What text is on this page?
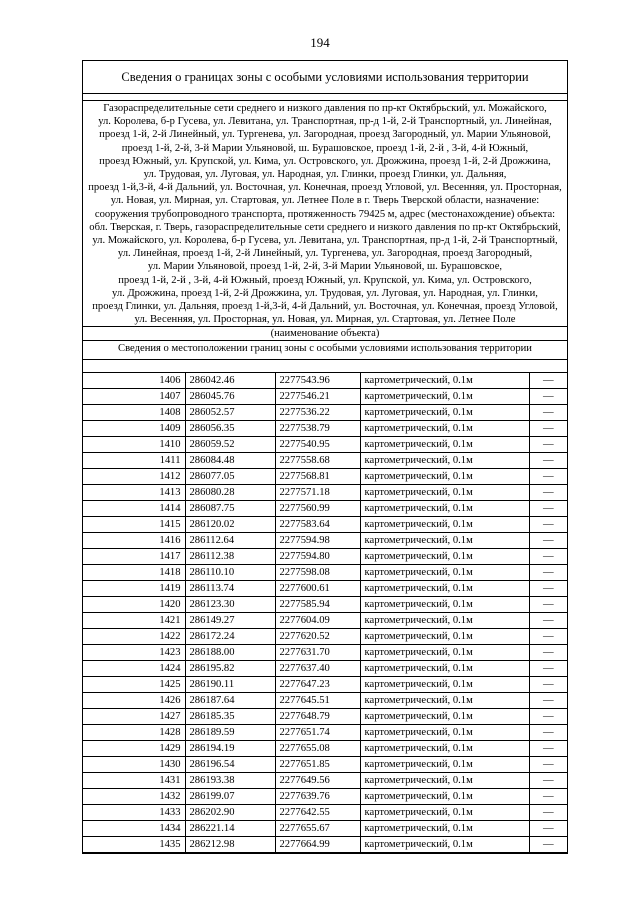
194
Сведения о границах зоны с особыми условиями использования территории
Газораспределительные сети среднего и низкого давления по пр-кт Октябрьский, ул. Можайского,
ул. Королева, б-р Гусева, ул. Левитана, ул. Транспортная, пр-д 1-й, 2-й Транспортный, ул. Линейная,
проезд 1-й, 2-й Линейный, ул. Тургенева, ул. Загородная, проезд Загородный, ул. Марии Ульяновой,
проезд 1-й, 2-й, 3-й Марии Ульяновой, ш. Бурашовское, проезд 1-й, 2-й , 3-й, 4-й Южный,
проезд Южный, ул. Крупской, ул. Кима, ул. Островского, ул. Дрожжина, проезд 1-й, 2-й Дрожжина,
ул. Трудовая, ул. Луговая, ул. Народная, ул. Глинки, проезд Глинки, ул. Дальняя,
проезд 1-й,3-й, 4-й Дальний, ул. Восточная, ул. Конечная, проезд Угловой, ул. Весенняя, ул. Просторная,
ул. Новая, ул. Мирная, ул. Стартовая, ул. Летнее Поле в г. Тверь Тверской области, назначение:
сооружения трубопроводного транспорта, протяженность 79425 м, адрес (местонахождение) объекта:
обл. Тверская, г. Тверь, газораспределительные сети среднего и низкого давления по пр-кт Октябрьский,
ул. Можайского, ул. Королева, б-р Гусева, ул. Левитана, ул. Транспортная, пр-д 1-й, 2-й Транспортный,
ул. Линейная, проезд 1-й, 2-й Линейный, ул. Тургенева, ул. Загородная, проезд Загородный,
ул. Марии Ульяновой, проезд 1-й, 2-й, 3-й Марии Ульяновой, ш. Бурашовское,
проезд 1-й, 2-й , 3-й, 4-й Южный, проезд Южный, ул. Крупской, ул. Кима, ул. Островского,
ул. Дрожжина, проезд 1-й, 2-й Дрожжина, ул. Трудовая, ул. Луговая, ул. Народная, ул. Глинки,
проезд Глинки, ул. Дальняя, проезд 1-й,3-й, 4-й Дальний, ул. Восточная, ул. Конечная, проезд Угловой,
ул. Весенняя, ул. Просторная, ул. Новая, ул. Мирная, ул. Стартовая, ул. Летнее Поле
(наименование объекта)
Сведения о местоположении границ зоны с особыми условиями использования территории
1406	286042.46	2277543.96	картометрический, 0.1м	—
1407	286045.76	2277546.21	картометрический, 0.1м	—
1408	286052.57	2277536.22	картометрический, 0.1м	—
1409	286056.35	2277538.79	картометрический, 0.1м	—
1410	286059.52	2277540.95	картометрический, 0.1м	—
1411	286084.48	2277558.68	картометрический, 0.1м	—
1412	286077.05	2277568.81	картометрический, 0.1м	—
1413	286080.28	2277571.18	картометрический, 0.1м	—
1414	286087.75	2277560.99	картометрический, 0.1м	—
1415	286120.02	2277583.64	картометрический, 0.1м	—
1416	286112.64	2277594.98	картометрический, 0.1м	—
1417	286112.38	2277594.80	картометрический, 0.1м	—
1418	286110.10	2277598.08	картометрический, 0.1м	—
1419	286113.74	2277600.61	картометрический, 0.1м	—
1420	286123.30	2277585.94	картометрический, 0.1м	—
1421	286149.27	2277604.09	картометрический, 0.1м	—
1422	286172.24	2277620.52	картометрический, 0.1м	—
1423	286188.00	2277631.70	картометрический, 0.1м	—
1424	286195.82	2277637.40	картометрический, 0.1м	—
1425	286190.11	2277647.23	картометрический, 0.1м	—
1426	286187.64	2277645.51	картометрический, 0.1м	—
1427	286185.35	2277648.79	картометрический, 0.1м	—
1428	286189.59	2277651.74	картометрический, 0.1м	—
1429	286194.19	2277655.08	картометрический, 0.1м	—
1430	286196.54	2277651.85	картометрический, 0.1м	—
1431	286193.38	2277649.56	картометрический, 0.1м	—
1432	286199.07	2277639.76	картометрический, 0.1м	—
1433	286202.90	2277642.55	картометрический, 0.1м	—
1434	286221.14	2277655.67	картометрический, 0.1м	—
1435	286212.98	2277664.99	картометрический, 0.1м	—
